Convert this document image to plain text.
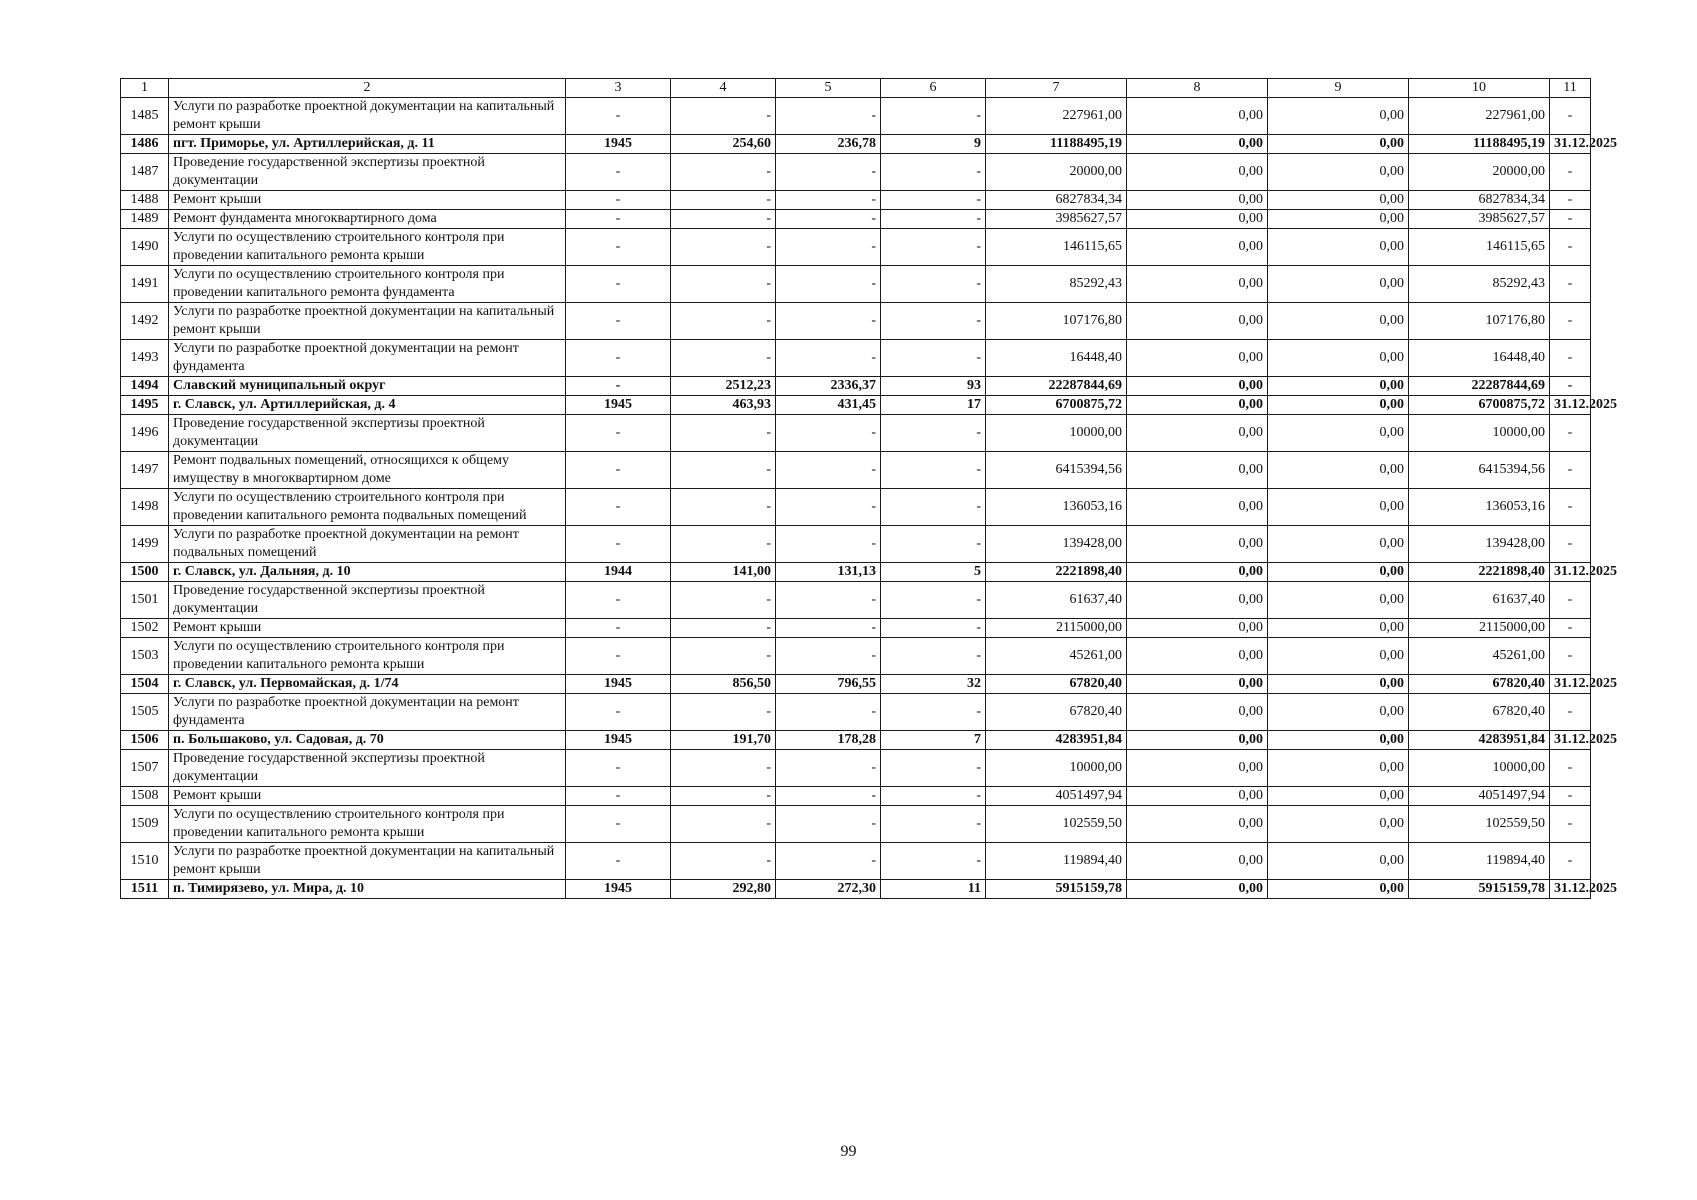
1	2	3	4	5	6	7	8	9	10	11
1485	Услуги по разработке проектной документации на капитальный ремонт крыши	-	-	-	-	227961,00	0,00	0,00	227961,00	-
1486	пгт. Приморье, ул. Артиллерийская, д. 11	1945	254,60	236,78	9	11188495,19	0,00	0,00	11188495,19	31.12.2025
1487	Проведение государственной экспертизы проектной документации	-	-	-	-	20000,00	0,00	0,00	20000,00	-
1488	Ремонт крыши	-	-	-	-	6827834,34	0,00	0,00	6827834,34	-
1489	Ремонт фундамента многоквартирного дома	-	-	-	-	3985627,57	0,00	0,00	3985627,57	-
1490	Услуги по осуществлению строительного контроля при проведении капитального ремонта крыши	-	-	-	-	146115,65	0,00	0,00	146115,65	-
1491	Услуги по осуществлению строительного контроля при проведении капитального ремонта фундамента	-	-	-	-	85292,43	0,00	0,00	85292,43	-
1492	Услуги по разработке проектной документации на капитальный ремонт крыши	-	-	-	-	107176,80	0,00	0,00	107176,80	-
1493	Услуги по разработке проектной документации на ремонт фундамента	-	-	-	-	16448,40	0,00	0,00	16448,40	-
1494	Славский муниципальный округ	-	2512,23	2336,37	93	22287844,69	0,00	0,00	22287844,69	-
1495	г. Славск, ул. Артиллерийская, д. 4	1945	463,93	431,45	17	6700875,72	0,00	0,00	6700875,72	31.12.2025
1496	Проведение государственной экспертизы проектной документации	-	-	-	-	10000,00	0,00	0,00	10000,00	-
1497	Ремонт подвальных помещений, относящихся к общему имуществу в многоквартирном доме	-	-	-	-	6415394,56	0,00	0,00	6415394,56	-
1498	Услуги по осуществлению строительного контроля при проведении капитального ремонта подвальных помещений	-	-	-	-	136053,16	0,00	0,00	136053,16	-
1499	Услуги по разработке проектной документации на ремонт подвальных помещений	-	-	-	-	139428,00	0,00	0,00	139428,00	-
1500	г. Славск, ул. Дальняя, д. 10	1944	141,00	131,13	5	2221898,40	0,00	0,00	2221898,40	31.12.2025
1501	Проведение государственной экспертизы проектной документации	-	-	-	-	61637,40	0,00	0,00	61637,40	-
1502	Ремонт крыши	-	-	-	-	2115000,00	0,00	0,00	2115000,00	-
1503	Услуги по осуществлению строительного контроля при проведении капитального ремонта крыши	-	-	-	-	45261,00	0,00	0,00	45261,00	-
1504	г. Славск, ул. Первомайская, д. 1/74	1945	856,50	796,55	32	67820,40	0,00	0,00	67820,40	31.12.2025
1505	Услуги по разработке проектной документации на ремонт фундамента	-	-	-	-	67820,40	0,00	0,00	67820,40	-
1506	п. Большаково, ул. Садовая, д. 70	1945	191,70	178,28	7	4283951,84	0,00	0,00	4283951,84	31.12.2025
1507	Проведение государственной экспертизы проектной документации	-	-	-	-	10000,00	0,00	0,00	10000,00	-
1508	Ремонт крыши	-	-	-	-	4051497,94	0,00	0,00	4051497,94	-
1509	Услуги по осуществлению строительного контроля при проведении капитального ремонта крыши	-	-	-	-	102559,50	0,00	0,00	102559,50	-
1510	Услуги по разработке проектной документации на капитальный ремонт крыши	-	-	-	-	119894,40	0,00	0,00	119894,40	-
1511	п. Тимирязево, ул. Мира, д. 10	1945	292,80	272,30	11	5915159,78	0,00	0,00	5915159,78	31.12.2025
99
